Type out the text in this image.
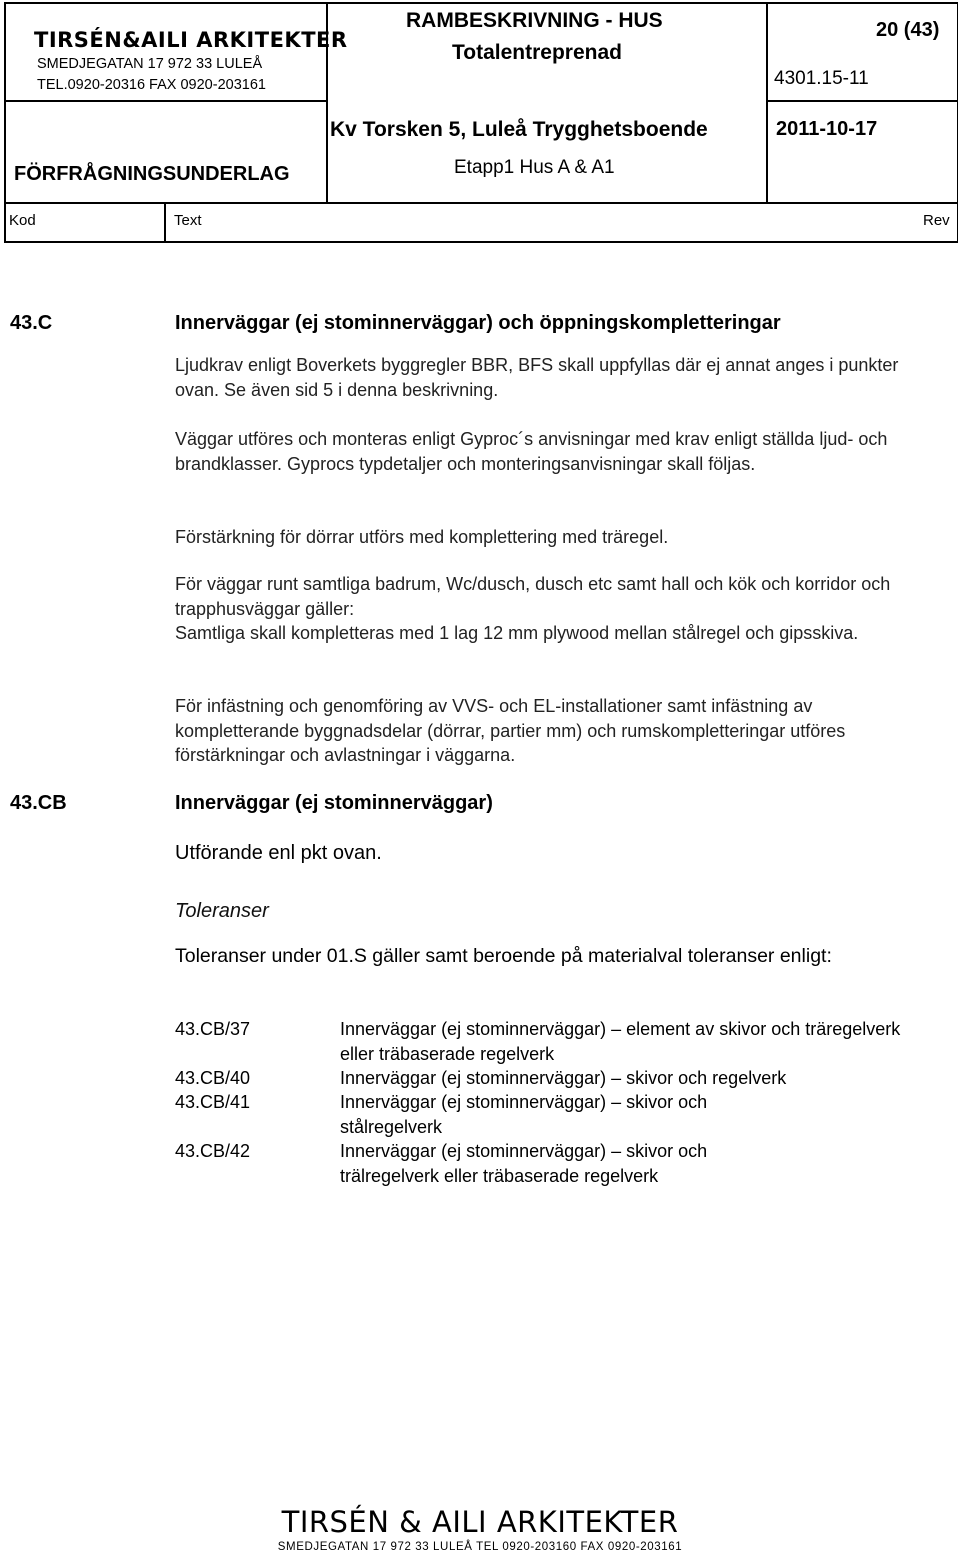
TIRSÉN&AILI ARKITEKTER
SMEDJEGATAN 17 972 33 LULEÅ
TEL.0920-20316 FAX 0920-203161
FÖRFRÅGNINGSUNDERLAG
RAMBESKRIVNING - HUS
Totalentreprenad
Kv Torsken 5, Luleå Trygghetsboende
Etapp1 Hus A & A1
20 (43)
4301.15-11
2011-10-17
Kod	Text	Rev
43.C	Innerväggar (ej stominnerväggar) och öppningskompletteringar
Ljudkrav enligt Boverkets byggregler BBR, BFS skall uppfyllas där ej annat anges i punkter ovan. Se även sid 5 i denna beskrivning.
Väggar utföres och monteras enligt Gyproc´s anvisningar med krav enligt ställda ljud- och brandklasser. Gyprocs typdetaljer och monteringsanvisningar skall följas.
Förstärkning för dörrar utförs med komplettering med träregel.
För väggar runt samtliga badrum, Wc/dusch, dusch etc samt hall och kök och korridor och trapphusväggar gäller:
Samtliga skall kompletteras med 1 lag 12 mm plywood mellan stålregel och gipsskiva.
För infästning och genomföring av VVS- och EL-installationer samt infästning av kompletterande byggnadsdelar (dörrar, partier mm) och rumskompletteringar utföres förstärkningar och avlastningar i väggarna.
43.CB	Innerväggar (ej stominnerväggar)
Utförande enl pkt ovan.
Toleranser
Toleranser under 01.S gäller samt beroende på materialval toleranser enligt:
43.CB/37	Innerväggar (ej stominnerväggar) – element av skivor och träregelverk eller träbaserade regelverk
43.CB/40	Innerväggar (ej stominnerväggar) – skivor och regelverk
43.CB/41	Innerväggar (ej stominnerväggar) – skivor och stålregelverk
43.CB/42	Innerväggar (ej stominnerväggar) – skivor och trälregelverk eller träbaserade regelverk
TIRSÉN & AILI ARKITEKTER
SMEDJEGATAN 17 972 33 LULEÅ TEL 0920-203160 FAX 0920-203161
